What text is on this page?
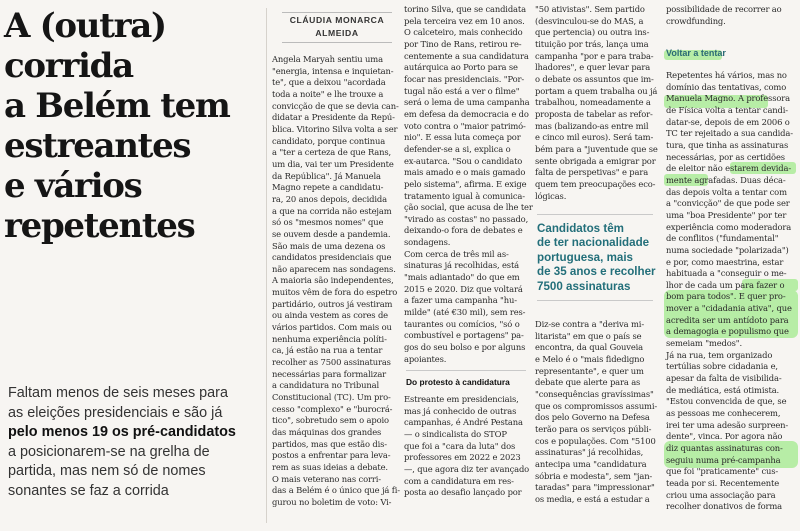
A (outra)
corrida
a Belém tem
estreantes
e vários
repetentes
Faltam menos de seis meses para
as eleições presidenciais e são já
pelo menos 19 os pré-candidatos
a posicionarem-se na grelha de
partida, mas nem só de nomes
sonantes se faz a corrida
CLÁUDIA MONARCA
ALMEIDA
Angela Maryah sentiu uma
"energia, intensa e inquietan-
te", que a deixou "acordada
toda a noite" e lhe trouxe a
convicção de que se devia can-
didatar a Presidente da Repú-
blica. Vitorino Silva volta a ser
candidato, porque continua
a "ter a certeza de que Rans,
um dia, vai ter um Presidente
da República". Já Manuela
Magno repete a candidatu-
ra, 20 anos depois, decidida
a que na corrida não estejam
só os "mesmos nomes" que
se ouvem desde a pandemia.
São mais de uma dezena os
candidatos presidenciais que
não aparecem nas sondagens.
A maioria são independentes,
muitos vêm de fora do espetro
partidário, outros já vestiram
ou ainda vestem as cores de
vários partidos. Com mais ou
nenhuma experiência políti-
ca, já estão na rua a tentar
recolher as 7500 assinaturas
necessárias para formalizar
a candidatura no Tribunal
Constitucional (TC). Um pro-
cesso "complexo" e "burocrá-
tico", sobretudo sem o apoio
das máquinas dos grandes
partidos, mas que estão dis-
postos a enfrentar para leva-
rem as suas ideias a debate.
O mais veterano nas corri-
das a Belém é o único que já fi-
gurou no boletim de voto: Vi-
torino Silva, que se candidata
pela terceira vez em 10 anos.
O calceteiro, mais conhecido
por Tino de Rans, retirou re-
centemente a sua candidatura
autárquica ao Porto para se
focar nas presidenciais. "Por-
tugal não está a ver o filme"
será o lema de uma campanha
em defesa da democracia e do
voto contra o "maior patrimó-
nio". E essa luta começa por
defender-se a si, explica o
ex-autarca. "Sou o candidato
mais amado e o mais gamado
pelo sistema", afirma. E exige
tratamento igual à comunica-
ção social, que acusa de lhe ter
"virado as costas" no passado,
deixando-o fora de debates e
sondagens.
Com cerca de três mil as-
sinaturas já recolhidas, está
"mais adiantado" do que em
2015 e 2020. Diz que voltará
a fazer uma campanha "hu-
milde" (até €30 mil), sem res-
taurantes ou comícios, "só o
combustível e portagens" pa-
gos do seu bolso e por alguns
apoiantes.
Do protesto à candidatura
Estreante em presidenciais,
mas já conhecido de outras
campanhas, é André Pestana
— o sindicalista do STOP
que foi a "cara da luta" dos
professores em 2022 e 2023
—, que agora diz ter avançado
com a candidatura em res-
posta ao desafio lançado por
"50 ativistas". Sem partido
(desvinculou-se do MAS, a
que pertencia) ou outra ins-
tituição por trás, lança uma
campanha "por e para traba-
lhadores", e quer levar para
o debate os assuntos que im-
portam a quem trabalha ou já
trabalhou, nomeadamente a
proposta de tabelar as refor-
mas (balizando-as entre mil
e cinco mil euros). Será tam-
bém para a "juventude que se
sente obrigada a emigrar por
falta de perspetivas" e para
quem tem preocupações eco-
lógicas.
Candidatos têm
de ter nacionalidade
portuguesa, mais
de 35 anos e recolher
7500 assinaturas
Diz-se contra a "deriva mi-
litarista" em que o país se
encontra, da qual Gouveia
e Melo é o "mais fidedigno
representante", e quer um
debate que alerte para as
"consequências gravíssimas"
que os compromissos assumi-
dos pelo Governo na Defesa
terão para os serviços públi-
cos e populações. Com "5100
assinaturas" já recolhidas,
antecipa uma "candidatura
sóbria e modesta", sem "jan-
taradas" para "impressionar"
os media, e está a estudar a
possibilidade de recorrer ao
crowdfunding.
Voltar a tentar
Repetentes há vários, mas no
domínio das tentativas, como
Manuela Magno. A professora
de Física volta a tentar candi-
datar-se, depois de em 2006 o
TC ter rejeitado a sua candida-
tura, que tinha as assinaturas
necessárias, por as certidões
de eleitor não estarem devida-
mente agrafadas. Duas déca-
das depois volta a tentar com
a "convicção" de que pode ser
uma "boa Presidente" por ter
experiência como moderadora
de conflitos ("fundamental"
numa sociedade "polarizada")
e por, como maestrina, estar
habituada a "conseguir o me-
lhor de cada um para fazer o
bom para todos". E quer pro-
mover a "cidadania ativa", que
acredita ser um antídoto para
a demagogia e populismo que
semeiam "medos".
Já na rua, tem organizado
tertúlias sobre cidadania e,
apesar da falta de visibilida-
de mediática, está otimista.
"Estou convencida de que, se
as pessoas me conhecerem,
irei ter uma adesão surpreen-
dente", vinca. Por agora não
diz quantas assinaturas con-
seguiu numa pré-campanha
que foi "praticamente" cus-
teada por si. Recentemente
criou uma associação para
recolher donativos de forma
